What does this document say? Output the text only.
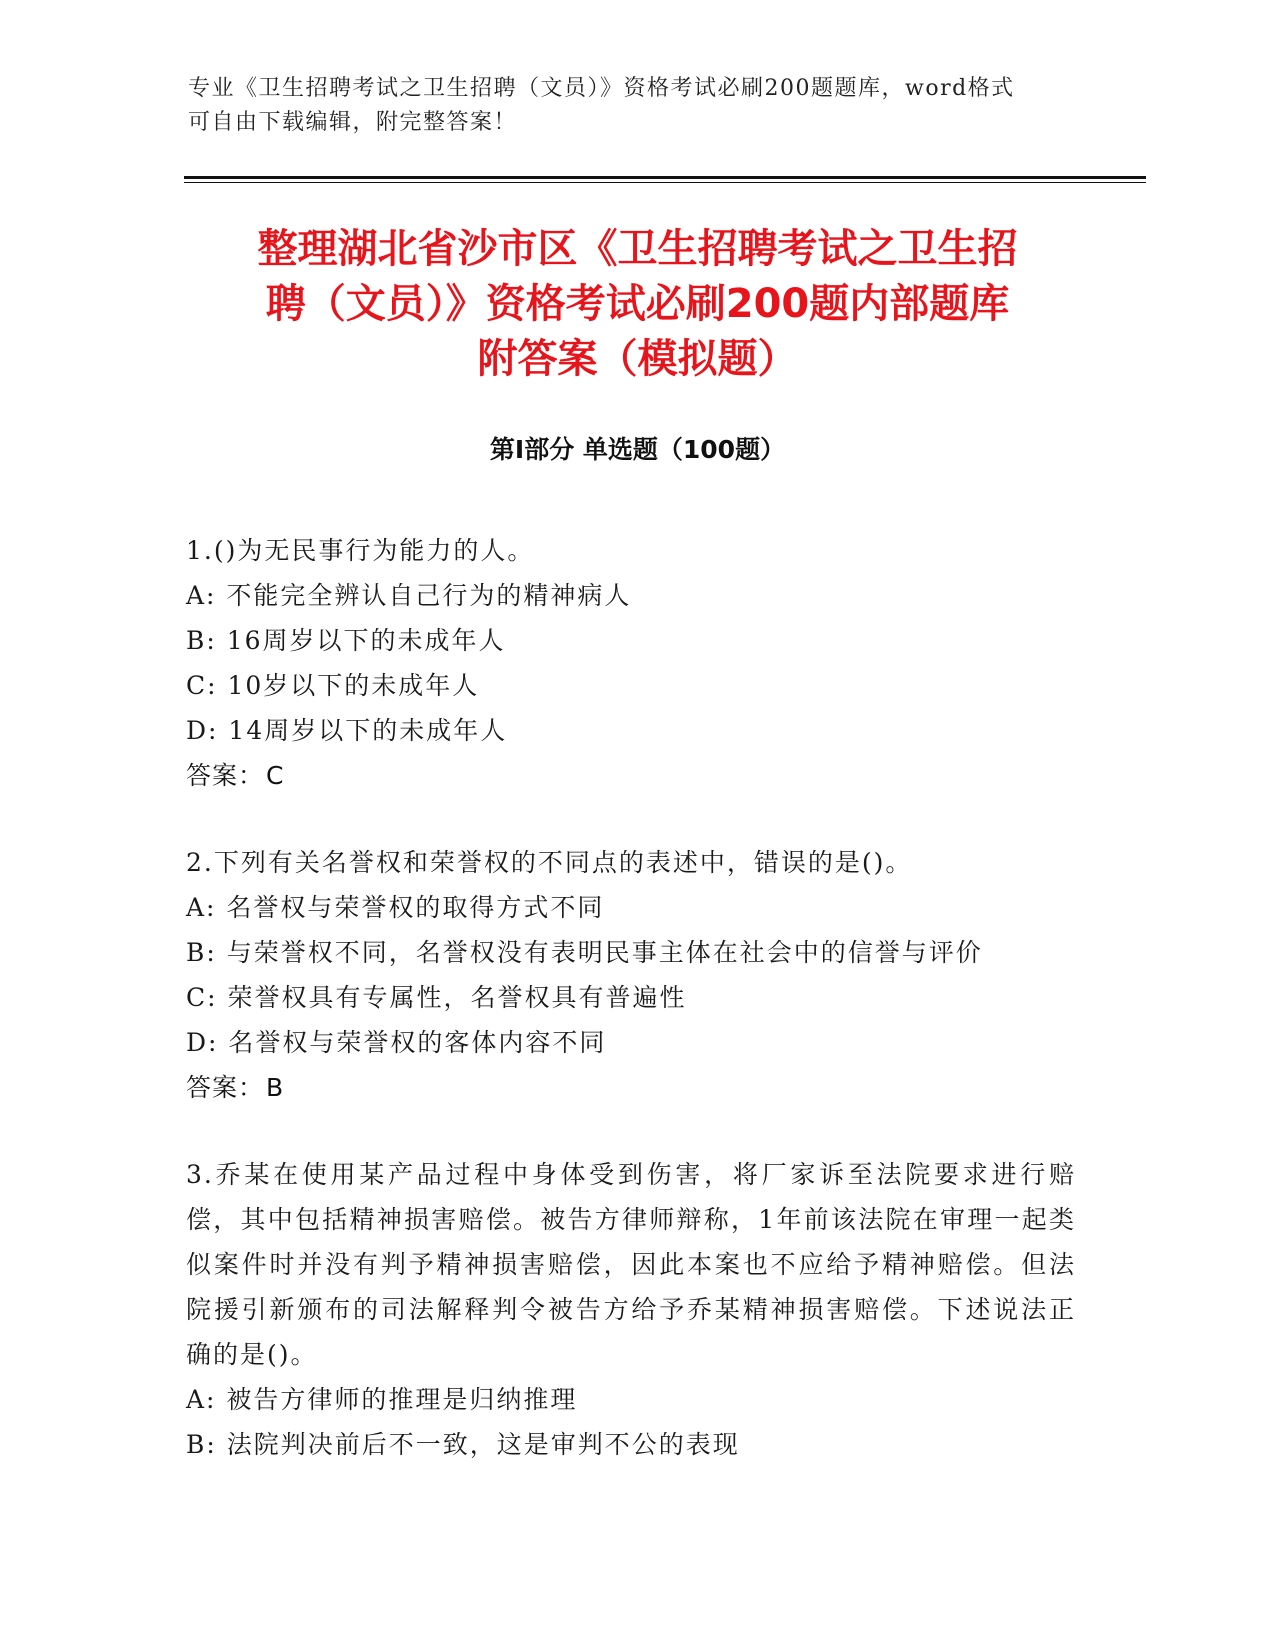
专业《卫生招聘考试之卫生招聘（文员）》资格考试必刷200题题库，word格式
可自由下载编辑，附完整答案！
整理湖北省沙市区《卫生招聘考试之卫生招
聘（文员）》资格考试必刷200题内部题库
附答案（模拟题）
第I部分 单选题（100题）
1.()为无民事行为能力的人。
A: 不能完全辨认自己行为的精神病人
B: 16周岁以下的未成年人
C: 10岁以下的未成年人
D: 14周岁以下的未成年人
答案：C
2.下列有关名誉权和荣誉权的不同点的表述中，错误的是()。
A: 名誉权与荣誉权的取得方式不同
B: 与荣誉权不同，名誉权没有表明民事主体在社会中的信誉与评价
C: 荣誉权具有专属性，名誉权具有普遍性
D: 名誉权与荣誉权的客体内容不同
答案：B
3.乔某在使用某产品过程中身体受到伤害，将厂家诉至法院要求进行赔偿，其中包括精神损害赔偿。被告方律师辩称，1年前该法院在审理一起类似案件时并没有判予精神损害赔偿，因此本案也不应给予精神赔偿。但法院援引新颁布的司法解释判令被告方给予乔某精神损害赔偿。下述说法正确的是()。
A: 被告方律师的推理是归纳推理
B: 法院判决前后不一致，这是审判不公的表现
